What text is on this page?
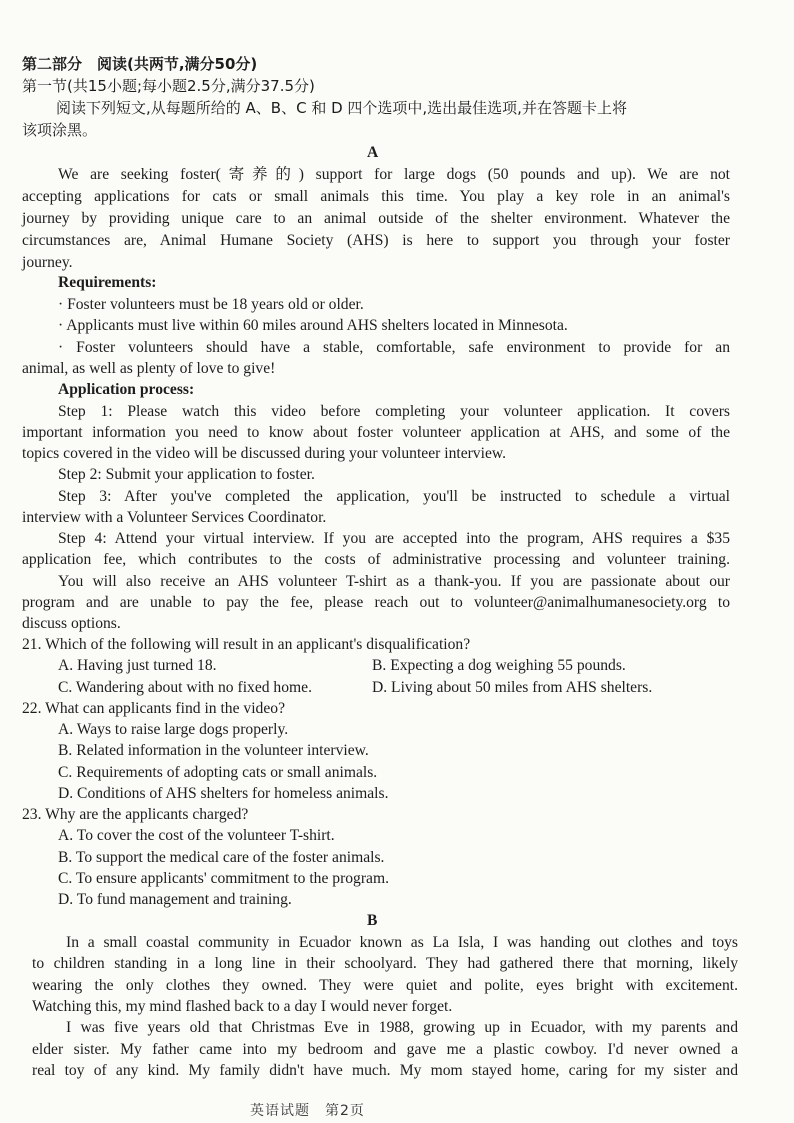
第二部分　阅读(共两节,满分50分)
第一节(共15小题;每小题2.5分,满分37.5分)
阅读下列短文,从每题所给的 A、B、C 和 D 四个选项中,选出最佳选项,并在答题卡上将
该项涂黑。
A
We are seeking foster(寄养的) support for large dogs (50 pounds and up). We are not
accepting applications for cats or small animals this time. You play a key role in an animal's
journey by providing unique care to an animal outside of the shelter environment. Whatever the
circumstances are, Animal Humane Society (AHS) is here to support you through your foster
journey.
Requirements:
· Foster volunteers must be 18 years old or older.
· Applicants must live within 60 miles around AHS shelters located in Minnesota.
· Foster volunteers should have a stable, comfortable, safe environment to provide for an
animal, as well as plenty of love to give!
Application process:
Step 1: Please watch this video before completing your volunteer application. It covers
important information you need to know about foster volunteer application at AHS, and some of the
topics covered in the video will be discussed during your volunteer interview.
Step 2: Submit your application to foster.
Step 3: After you've completed the application, you'll be instructed to schedule a virtual
interview with a Volunteer Services Coordinator.
Step 4: Attend your virtual interview. If you are accepted into the program, AHS requires a $35
application fee, which contributes to the costs of administrative processing and volunteer training.
You will also receive an AHS volunteer T-shirt as a thank-you. If you are passionate about our
program and are unable to pay the fee, please reach out to volunteer@animalhumanesociety.org to
discuss options.
21. Which of the following will result in an applicant's disqualification?
A. Having just turned 18.	B. Expecting a dog weighing 55 pounds.
C. Wandering about with no fixed home.	D. Living about 50 miles from AHS shelters.
22. What can applicants find in the video?
A. Ways to raise large dogs properly.
B. Related information in the volunteer interview.
C. Requirements of adopting cats or small animals.
D. Conditions of AHS shelters for homeless animals.
23. Why are the applicants charged?
A. To cover the cost of the volunteer T-shirt.
B. To support the medical care of the foster animals.
C. To ensure applicants' commitment to the program.
D. To fund management and training.
B
In a small coastal community in Ecuador known as La Isla, I was handing out clothes and toys
to children standing in a long line in their schoolyard. They had gathered there that morning, likely
wearing the only clothes they owned. They were quiet and polite, eyes bright with excitement.
Watching this, my mind flashed back to a day I would never forget.
I was five years old that Christmas Eve in 1988, growing up in Ecuador, with my parents and
elder sister. My father came into my bedroom and gave me a plastic cowboy. I'd never owned a
real toy of any kind. My family didn't have much. My mom stayed home, caring for my sister and
英语试题　第2页
